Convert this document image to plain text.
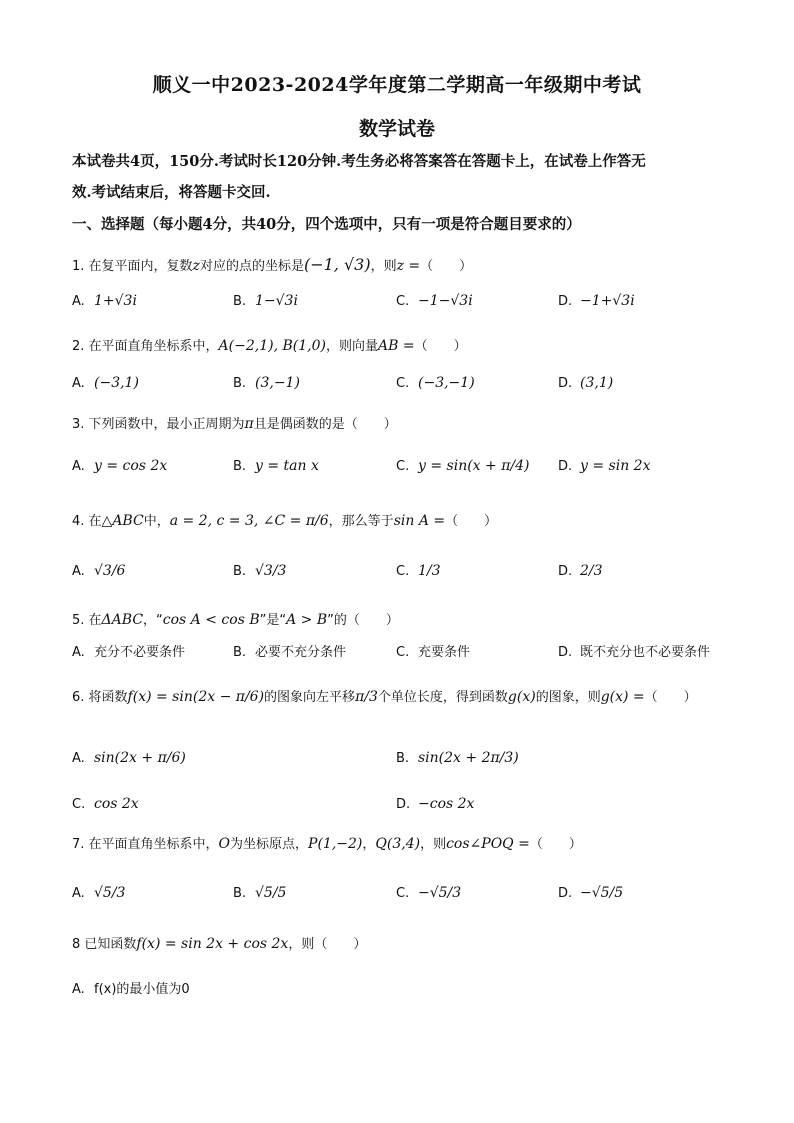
顺义一中2023-2024学年度第二学期高一年级期中考试
数学试卷
本试卷共4页，150分.考试时长120分钟.考生务必将答案答在答题卡上，在试卷上作答无
效.考试结束后，将答题卡交回.
一、选择题（每小题4分，共40分，四个选项中，只有一项是符合题目要求的）
1. 在复平面内，复数z对应的点的坐标是(−1, √3)，则z =（　　）
A. 1+√3i	B. 1−√3i	C. −1−√3i	D. −1+√3i
2. 在平面直角坐标系中，A(−2,1), B(1,0)，则向量AB =（　　）
A. (−3,1)	B. (3,−1)	C. (−3,−1)	D. (3,1)
3. 下列函数中，最小正周期为π且是偶函数的是（　　）
A. y = cos 2x	B. y = tan x	C. y = sin(x + π/4) D. y = sin 2x
4. 在△ABC中，a = 2, c = 3, ∠C = π/6，那么等于sin A =（　　）
A. √3/6	B. √3/3	C. 1/3	D. 2/3
5. 在ΔABC，“cos A < cos B”是“A > B”的（　　）
A. 充分不必要条件	B. 必要不充分条件	C. 充要条件	D. 既不充分也不必要条件
6. 将函数f(x) = sin(2x − π/6)的图象向左平移π/3个单位长度，得到函数g(x)的图象，则g(x) =（　　）
A. sin(2x + π/6)	B. sin(2x + 2π/3)
C. cos 2x	D. −cos 2x
7. 在平面直角坐标系中，O为坐标原点，P(1,−2)，Q(3,4)，则cos∠POQ =（　　）
A. √5/3	B. √5/5	C. −√5/3	D. −√5/5
8 已知函数f(x) = sin 2x + cos 2x，则（　　）
A. f(x)的最小值为0
